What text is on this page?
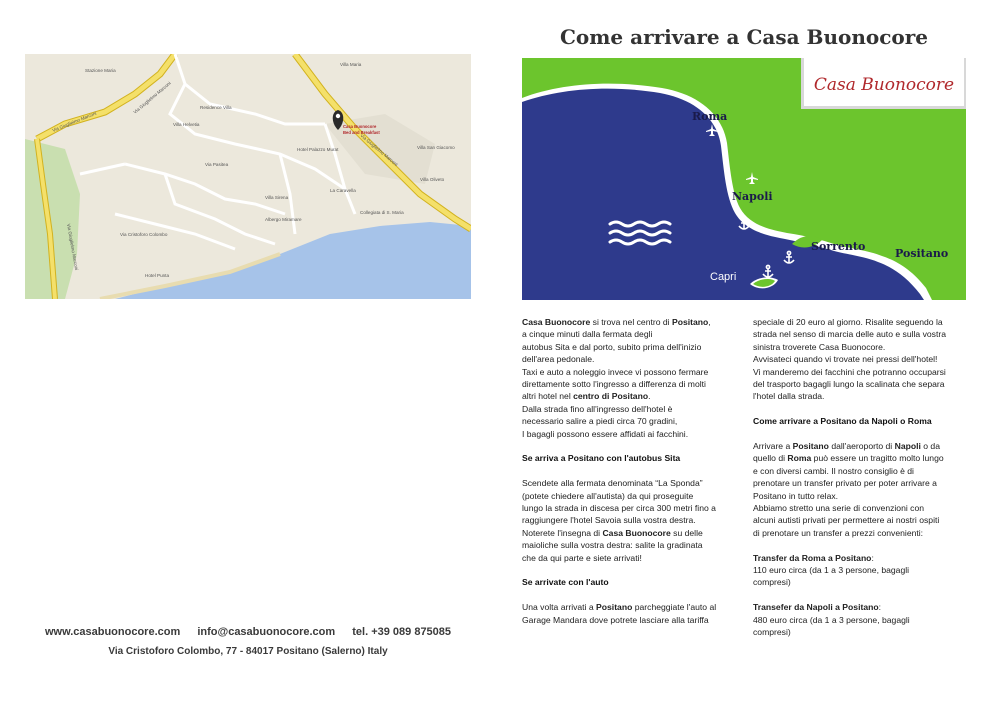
Stazione Maria
Villa Maria
Via Giuglielmo Marconi
Via Giuglielmo Marconi
Via Giuglielmo Marconi
Villa Helvetia
Via Pasitea
Hotel Palazzo Murat	Villa San Giacomo
Villa Oliveto
La Caravella
Villa Sirena
Albergo Miramare
Collegiata di S. Maria
Via Cristoforo Colombo
Via Giuglielmo Marconi
Residence Villa
Hotel Punta
Casa Buonocore
Bed and Breakfast
www.casabuonocore.com info@casabuonocore.com tel. +39 089 875085
Via Cristoforo Colombo, 77 - 84017 Positano (Salerno) Italy
Come arrivare a Casa Buonocore
Roma
Napoli
Sorrento
Positano
Capri
Casa Buonocore

Casa Buonocore si trova nel centro di Positano,

a cinque minuti dalla fermata degli

autobus Sita e dal porto, subito prima dell'inizio

dell'area pedonale.

Taxi e auto a noleggio invece vi possono fermare

direttamente sotto l'ingresso a differenza di molti

altri hotel nel centro di Positano.

Dalla strada fino all'ingresso dell'hotel è

necessario salire a piedi circa 70 gradini,

I bagagli possono essere affidati ai facchini.

Se arriva a Positano con l'autobus Sita

Scendete alla fermata denominata “La Sponda”

(potete chiedere all'autista) da qui proseguite

lungo la strada in discesa per circa 300 metri fino a

raggiungere l'hotel Savoia sulla vostra destra.

Noterete l'insegna di Casa Buonocore su delle

maioliche sulla vostra destra: salite la gradinata

che da qui parte e siete arrivati!

Se arrivate con l'auto

Una volta arrivati a Positano parcheggiate l'auto al

Garage Mandara dove potrete lasciare alla tariffa

speciale di 20 euro al giorno. Risalite seguendo la

strada nel senso di marcia delle auto e sulla vostra

sinistra troverete Casa Buonocore.

Avvisateci quando vi trovate nei pressi dell'hotel!

Vi manderemo dei facchini che potranno occuparsi

del trasporto bagagli lungo la scalinata che separa

l'hotel dalla strada.

Come arrivare a Positano da Napoli o Roma

Arrivare a Positano dall'aeroporto di Napoli o da

quello di Roma può essere un tragitto molto lungo

e con diversi cambi. Il nostro consiglio è di

prenotare un transfer privato per poter arrivare a

Positano in tutto relax.

Abbiamo stretto una serie di convenzioni con

alcuni autisti privati per permettere ai nostri ospiti

di prenotare un transfer a prezzi convenienti:

Transfer da Roma a Positano:

110 euro circa (da 1 a 3 persone, bagagli

compresi)

Transefer da Napoli a Positano:

480 euro circa (da 1 a 3 persone, bagagli

compresi)
